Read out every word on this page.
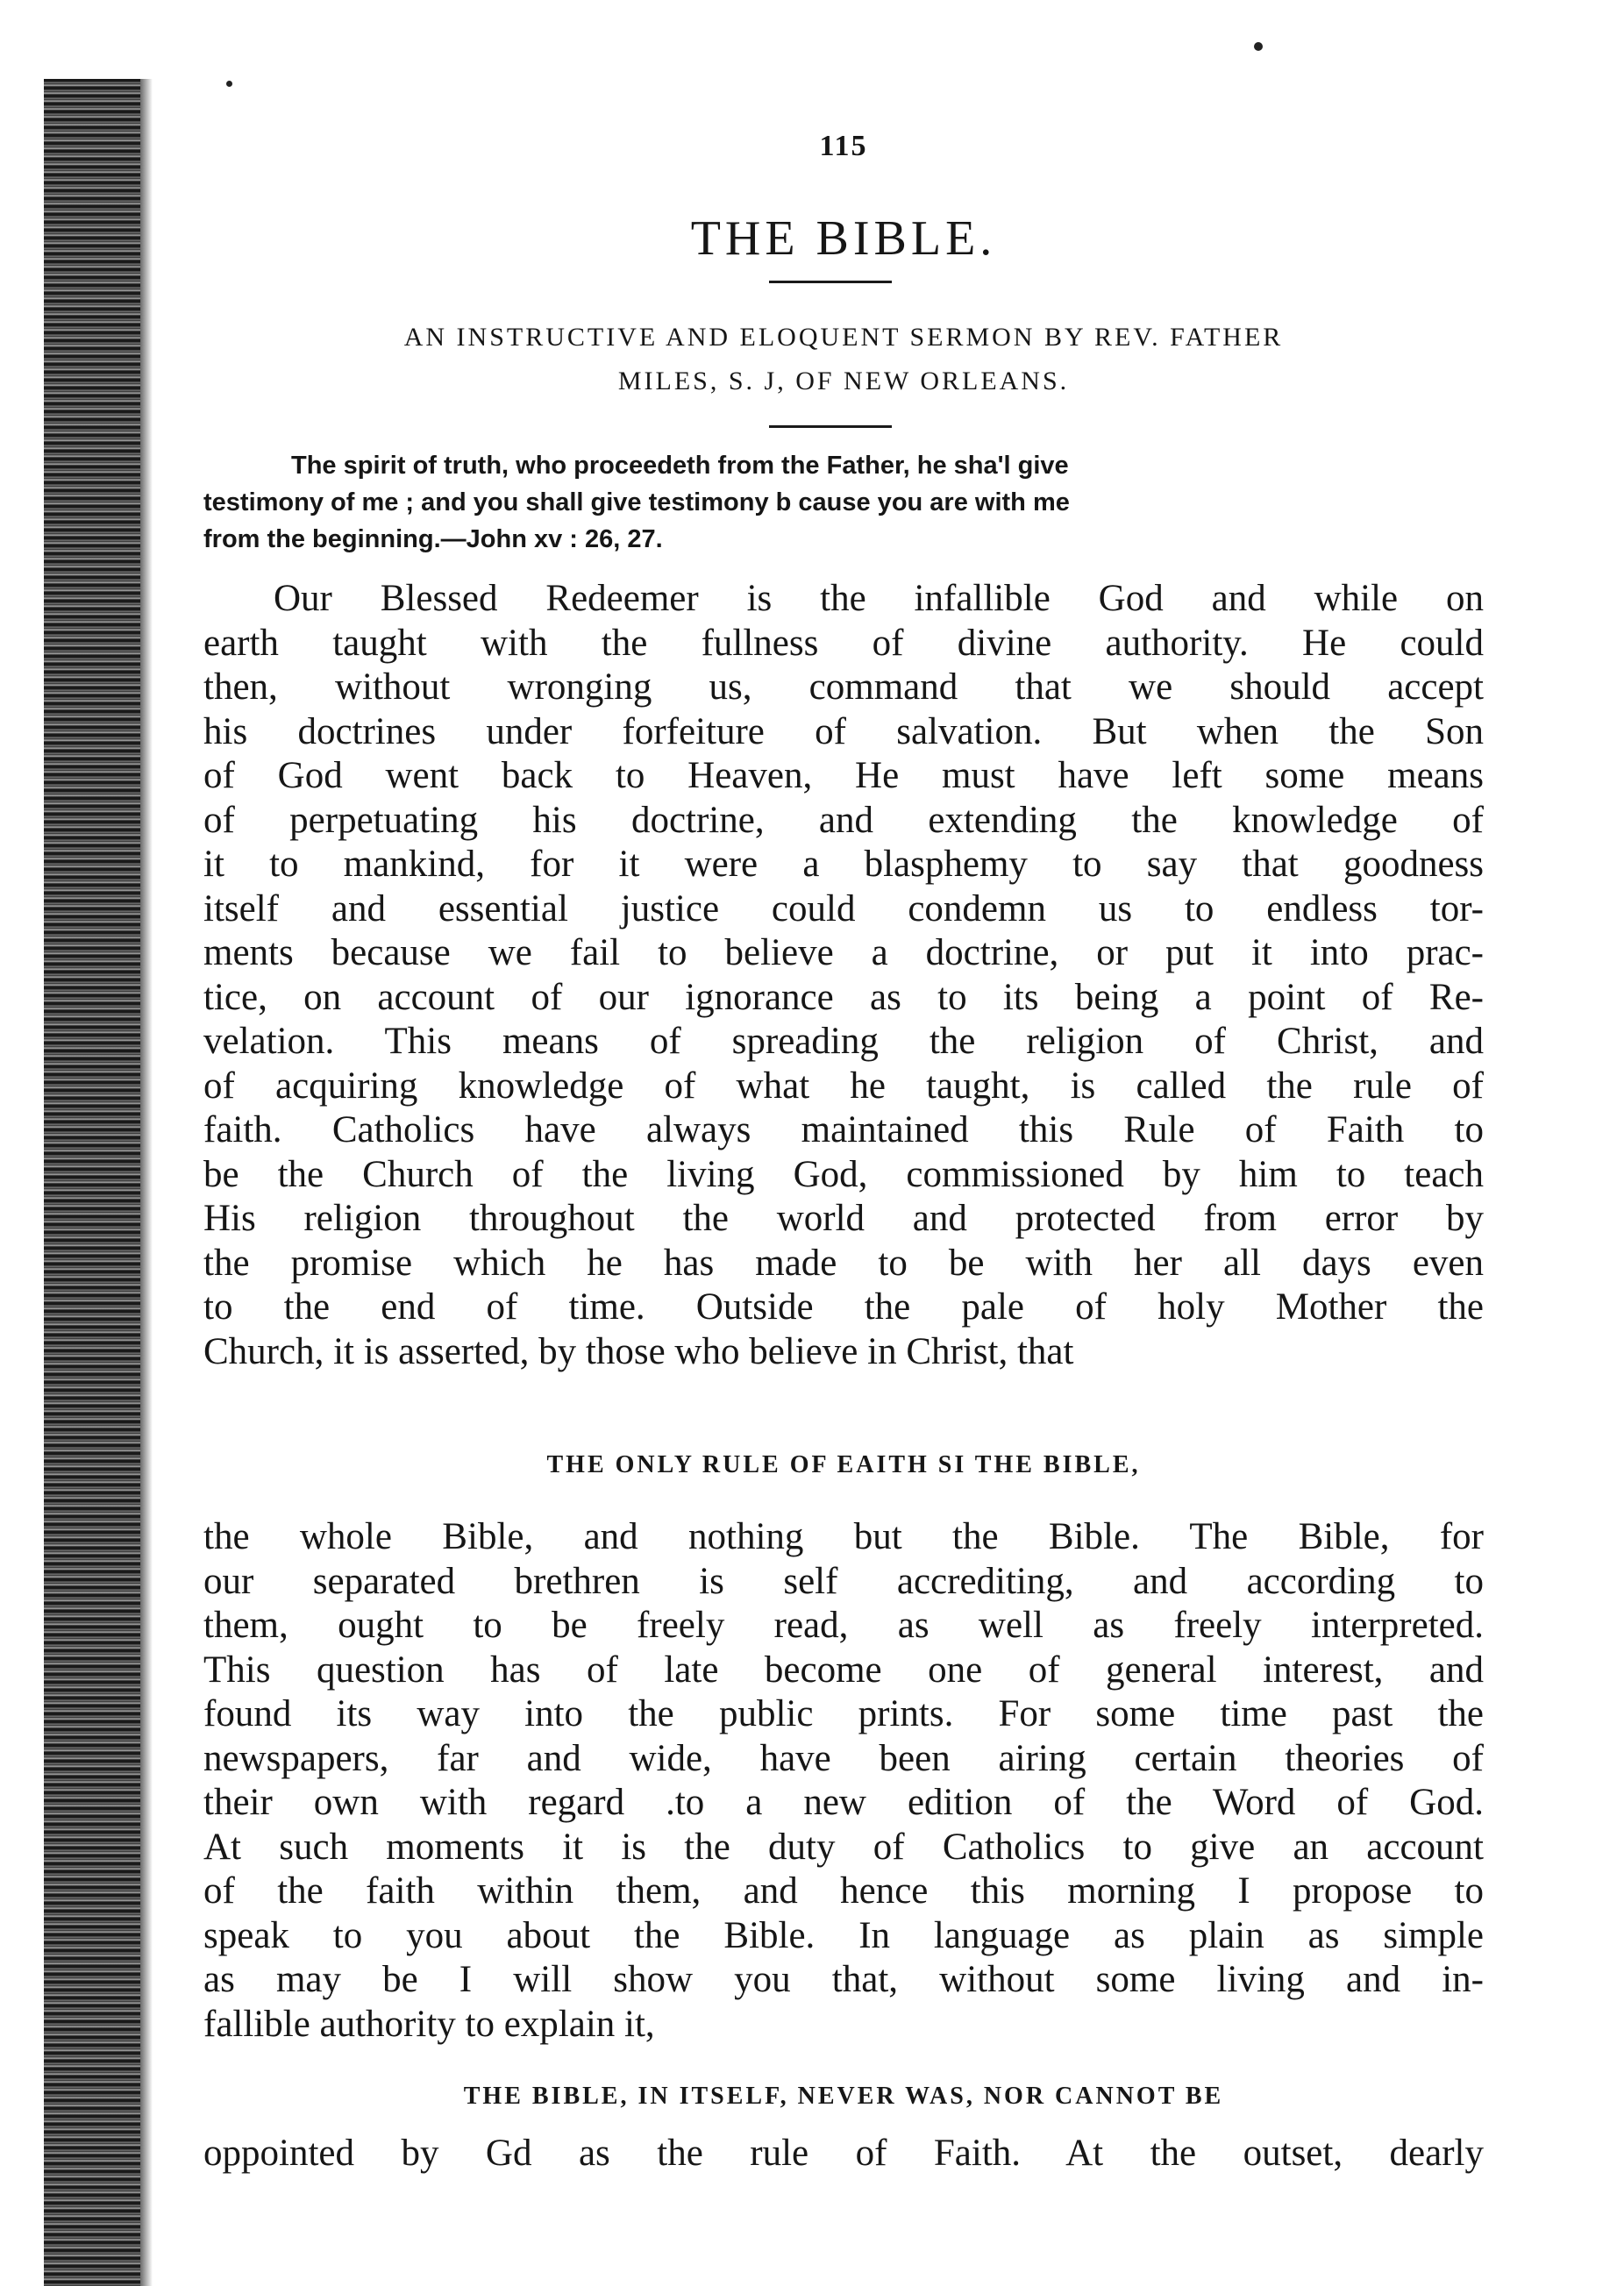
115
THE BIBLE.
AN INSTRUCTIVE AND ELOQUENT SERMON BY REV. FATHER
MILES, S. J, OF NEW ORLEANS.
The spirit of truth, who proceedeth from the Father, he sha'l give
testimony of me ; and you shall give testimony b cause you are with me
from the beginning.—John xv : 26, 27.
Our Blessed Redeemer is the infallible God and while on
earth taught with the fullness of divine authority. He could
then, without wronging us, command that we should accept
his doctrines under forfeiture of salvation. But when the Son
of God went back to Heaven, He must have left some means
of perpetuating his doctrine, and extending the knowledge of
it to mankind, for it were a blasphemy to say that goodness
itself and essential justice could condemn us to endless tor-
ments because we fail to believe a doctrine, or put it into prac-
tice, on account of our ignorance as to its being a point of Re-
velation. This means of spreading the religion of Christ, and
of acquiring knowledge of what he taught, is called the rule of
faith. Catholics have always maintained this Rule of Faith to
be the Church of the living God, commissioned by him to teach
His religion throughout the world and protected from error by
the promise which he has made to be with her all days even
to the end of time. Outside the pale of holy Mother the
Church, it is asserted, by those who believe in Christ, that
THE ONLY RULE OF EAITH SI THE BIBLE,
the whole Bible, and nothing but the Bible. The Bible, for
our separated brethren is self accrediting, and according to
them, ought to be freely read, as well as freely interpreted.
This question has of late become one of general interest, and
found its way into the public prints. For some time past the
newspapers, far and wide, have been airing certain theories of
their own with regard .to a new edition of the Word of God.
At such moments it is the duty of Catholics to give an account
of the faith within them, and hence this morning I propose to
speak to you about the Bible. In language as plain as simple
as may be I will show you that, without some living and in-
fallible authority to explain it,
THE BIBLE, IN ITSELF, NEVER WAS, NOR CANNOT BE
oppointed by Gd as the rule of Faith. At the outset, dearly
